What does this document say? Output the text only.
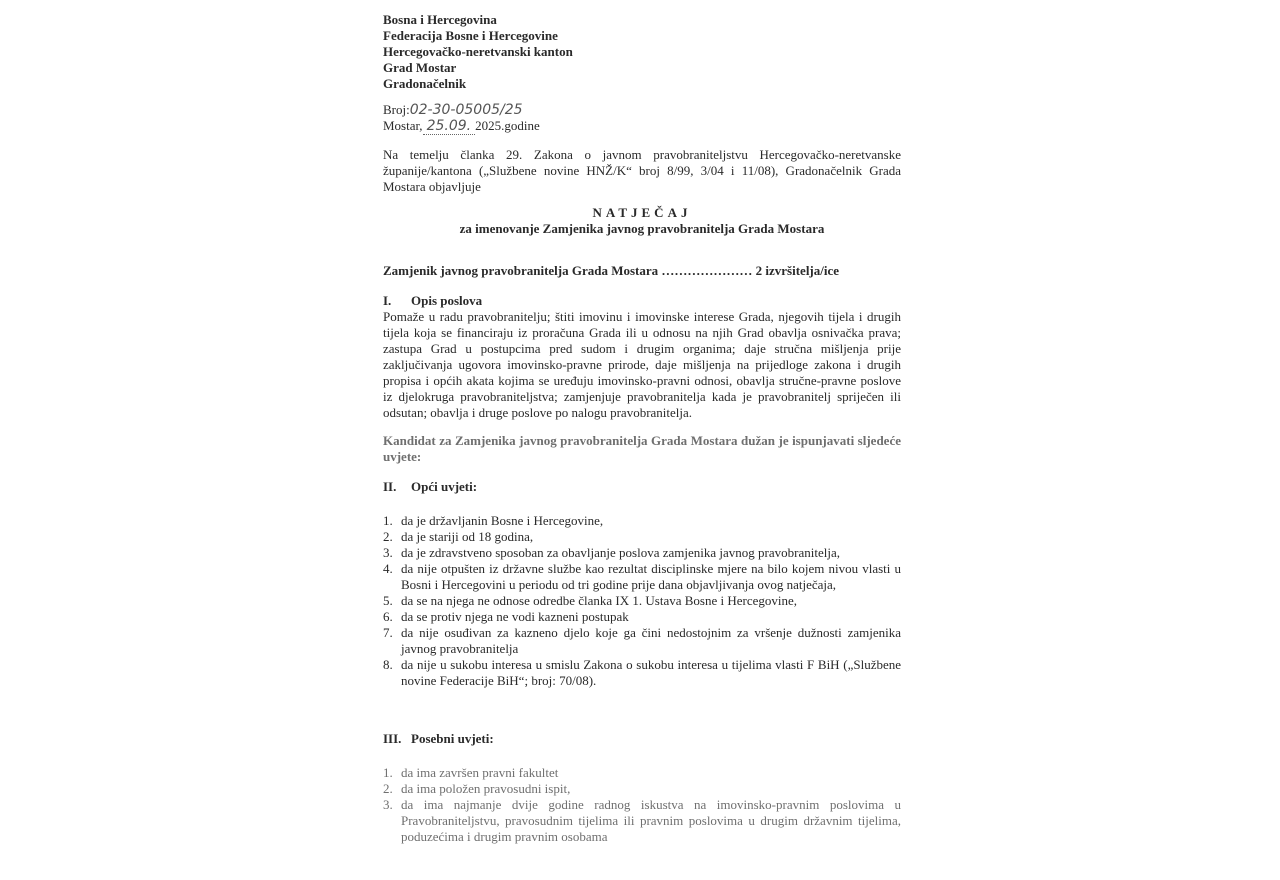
Bosna i Hercegovina

Federacija Bosne i Hercegovine

Hercegovačko-neretvanski kanton

Grad Mostar

Gradonačelnik

Broj: 02-30-05005/25
Mostar, 25.09. 2025.godine

Na temelju članka 29. Zakona o javnom pravobraniteljstvu Hercegovačko-neretvanske županije/kantona („Službene novine HNŽ/K“ broj 8/99, 3/04 i 11/08), Gradonačelnik Grada Mostara objavljuje

NATJEČAJ
za imenovanje Zamjenika javnog pravobranitelja Grada Mostara
Zamjenik javnog pravobranitelja Grada Mostara ………………… 2 izvršitelja/ice
I.	Opis poslova

Pomaže u radu pravobranitelju; štiti imovinu i imovinske interese Grada, njegovih tijela i drugih tijela koja se financiraju iz proračuna Grada ili u odnosu na njih Grad obavlja osnivačka prava; zastupa Grad u postupcima pred sudom i drugim organima; daje stručna mišljenja prije zaključivanja ugovora imovinsko-pravne prirode, daje mišljenja na prijedloge zakona i drugih propisa i općih akata kojima se uređuju imovinsko-pravni odnosi, obavlja stručne-pravne poslove iz djelokruga pravobraniteljstva; zamjenjuje pravobranitelja kada je pravobranitelj spriječen ili odsutan; obavlja i druge poslove po nalogu pravobranitelja.

Kandidat za Zamjenika javnog pravobranitelja Grada Mostara dužan je ispunjavati sljedeće uvjete:

II.	Opći uvjeti:
1. da je državljanin Bosne i Hercegovine,
2. da je stariji od 18 godina,
3. da je zdravstveno sposoban za obavljanje poslova zamjenika javnog pravobranitelja,
4. da nije otpušten iz državne službe kao rezultat disciplinske mjere na bilo kojem nivou vlasti u Bosni i Hercegovini u periodu od tri godine prije dana objavljivanja ovog natječaja,
5. da se na njega ne odnose odredbe članka IX 1. Ustava Bosne i Hercegovine,
6. da se protiv njega ne vodi kazneni postupak
7. da nije osuđivan za kazneno djelo koje ga čini nedostojnim za vršenje dužnosti zamjenika javnog pravobranitelja
8. da nije u sukobu interesa u smislu Zakona o sukobu interesa u tijelima vlasti F BiH („Službene novine Federacije BiH“; broj: 70/08).
III. Posebni uvjeti:
1. da ima završen pravni fakultet
2. da ima položen pravosudni ispit,
3. da ima najmanje dvije godine radnog iskustva na imovinsko-pravnim poslovima u Pravobraniteljstvu, pravosudnim tijelima ili pravnim poslovima u drugim državnim tijelima, poduzećima i drugim pravnim osobama
